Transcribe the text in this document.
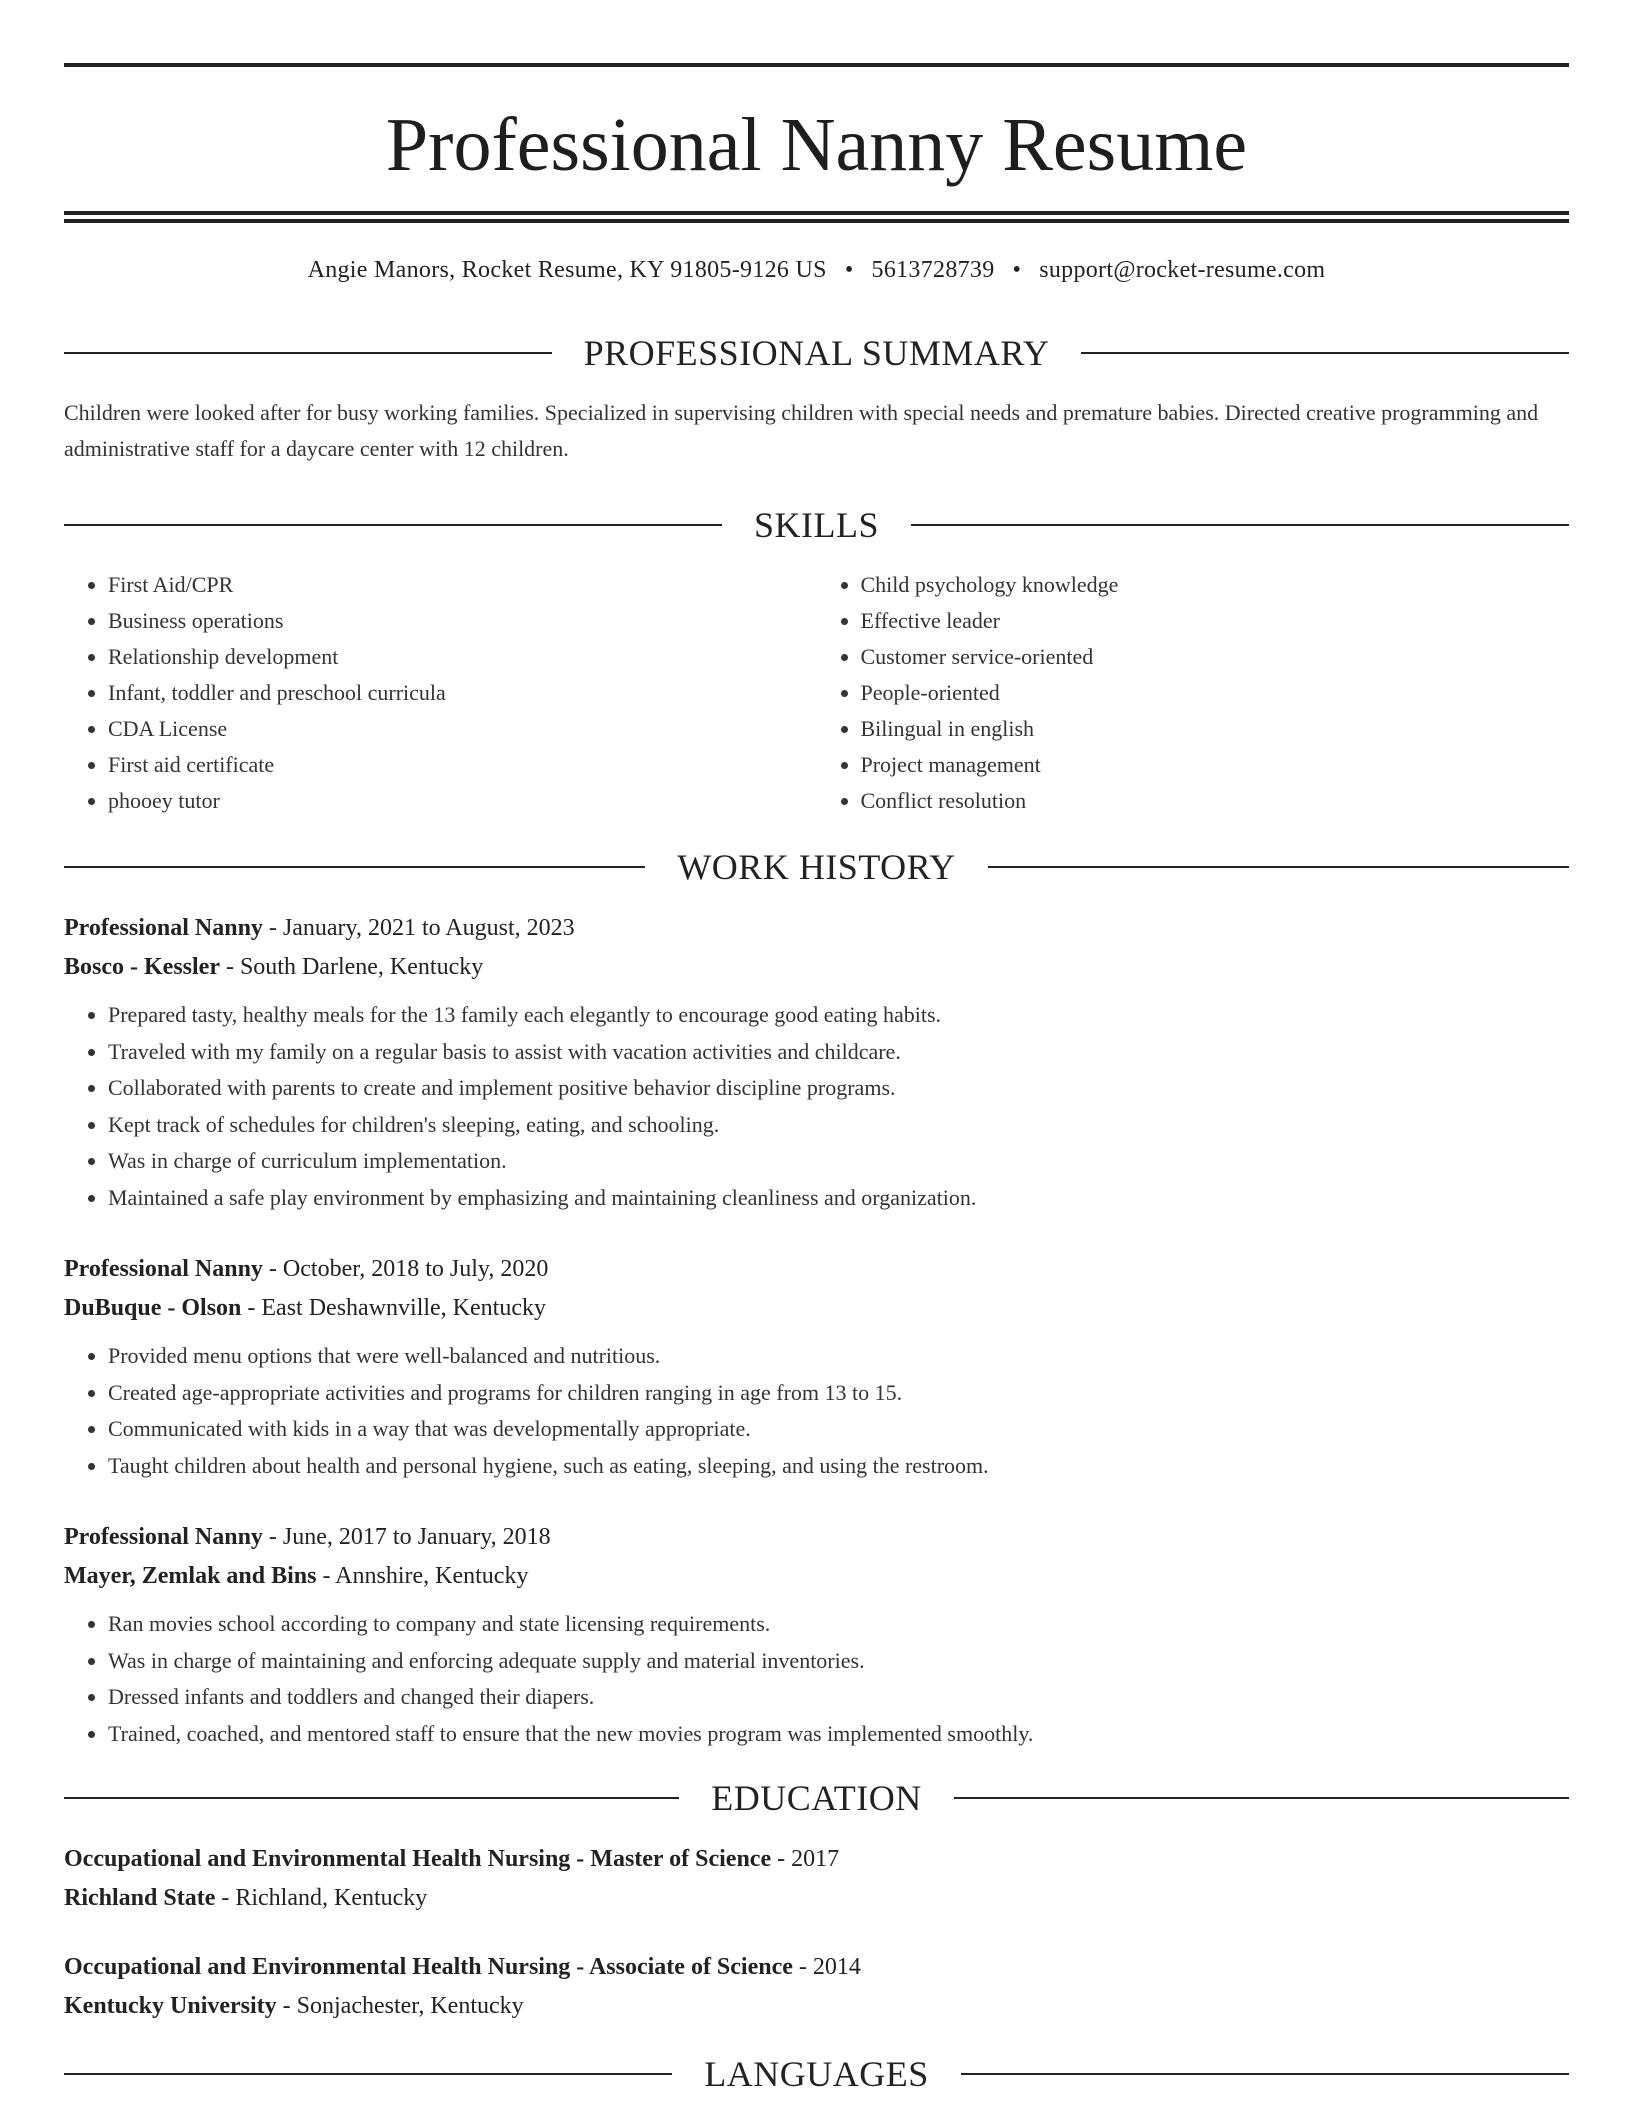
Professional Nanny Resume
Angie Manors, Rocket Resume, KY 91805-9126 US • 5613728739 • support@rocket-resume.com
PROFESSIONAL SUMMARY
Children were looked after for busy working families. Specialized in supervising children with special needs and premature babies. Directed creative programming and administrative staff for a daycare center with 12 children.
SKILLS
• First Aid/CPR
• Business operations
• Relationship development
• Infant, toddler and preschool curricula
• CDA License
• First aid certificate
• phooey tutor
• Child psychology knowledge
• Effective leader
• Customer service-oriented
• People-oriented
• Bilingual in english
• Project management
• Conflict resolution
WORK HISTORY
Professional Nanny - January, 2021 to August, 2023
Bosco - Kessler - South Darlene, Kentucky
• Prepared tasty, healthy meals for the 13 family each elegantly to encourage good eating habits.
• Traveled with my family on a regular basis to assist with vacation activities and childcare.
• Collaborated with parents to create and implement positive behavior discipline programs.
• Kept track of schedules for children's sleeping, eating, and schooling.
• Was in charge of curriculum implementation.
• Maintained a safe play environment by emphasizing and maintaining cleanliness and organization.
Professional Nanny - October, 2018 to July, 2020
DuBuque - Olson - East Deshawnville, Kentucky
• Provided menu options that were well-balanced and nutritious.
• Created age-appropriate activities and programs for children ranging in age from 13 to 15.
• Communicated with kids in a way that was developmentally appropriate.
• Taught children about health and personal hygiene, such as eating, sleeping, and using the restroom.
Professional Nanny - June, 2017 to January, 2018
Mayer, Zemlak and Bins - Annshire, Kentucky
• Ran movies school according to company and state licensing requirements.
• Was in charge of maintaining and enforcing adequate supply and material inventories.
• Dressed infants and toddlers and changed their diapers.
• Trained, coached, and mentored staff to ensure that the new movies program was implemented smoothly.
EDUCATION
Occupational and Environmental Health Nursing - Master of Science - 2017
Richland State - Richland, Kentucky
Occupational and Environmental Health Nursing - Associate of Science - 2014
Kentucky University - Sonjachester, Kentucky
LANGUAGES
